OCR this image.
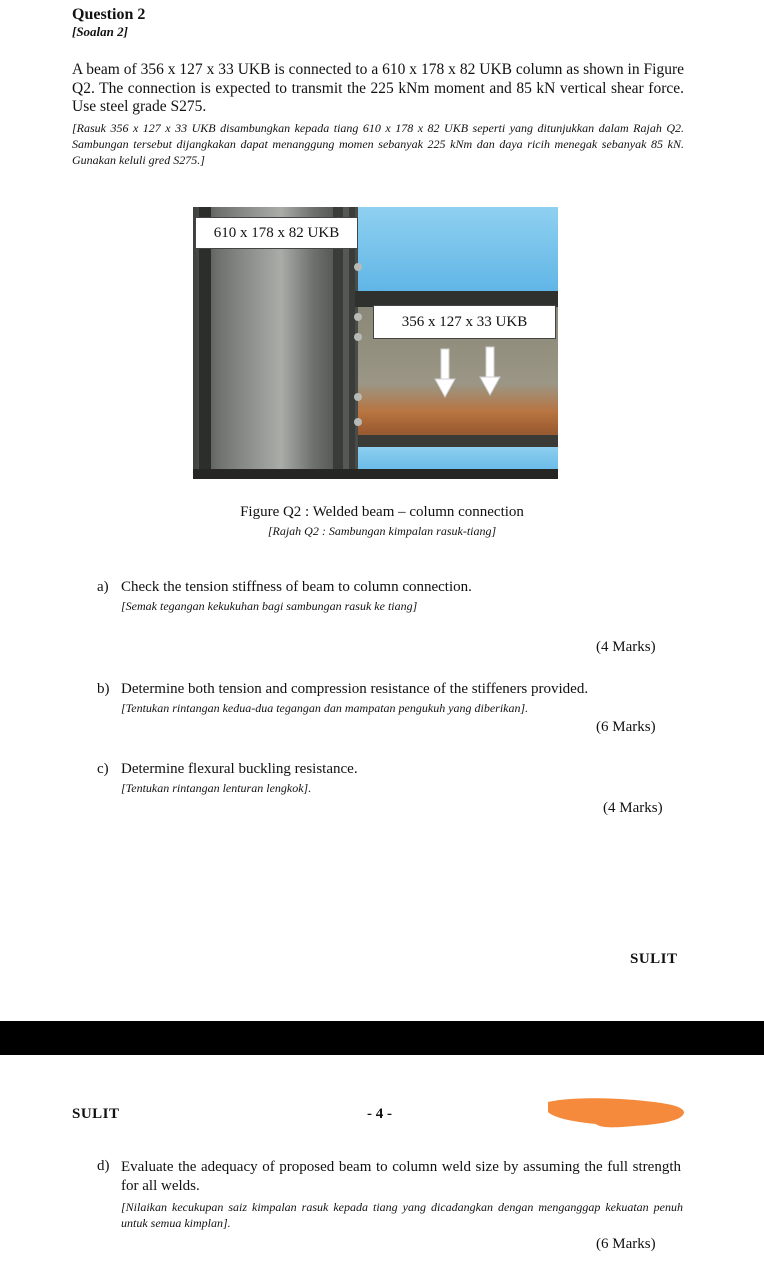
Question 2
[Soalan 2]
A beam of 356 x 127 x 33 UKB is connected to a 610 x 178 x 82 UKB column as shown in Figure Q2. The connection is expected to transmit the 225 kNm moment and 85 kN vertical shear force. Use steel grade S275.
[Rasuk 356 x 127 x 33 UKB disambungkan kepada tiang 610 x 178 x 82 UKB seperti yang ditunjukkan dalam Rajah Q2. Sambungan tersebut dijangkakan dapat menanggung momen sebanyak 225 kNm dan daya ricih menegak sebanyak 85 kN. Gunakan keluli gred S275.]
610 x 178 x 82 UKB
356 x 127 x 33 UKB
Figure Q2 : Welded beam – column connection
[Rajah Q2 : Sambungan kimpalan rasuk-tiang]
a) Check the tension stiffness of beam to column connection.
[Semak tegangan kekukuhan bagi sambungan rasuk ke tiang]
(4 Marks)
b) Determine both tension and compression resistance of the stiffeners provided.
[Tentukan rintangan kedua-dua tegangan dan mampatan pengukuh yang diberikan].
(6 Marks)
c) Determine flexural buckling resistance.
[Tentukan rintangan lenturan lengkok].
(4 Marks)
SULIT
SULIT	- 4 -
d) Evaluate the adequacy of proposed beam to column weld size by assuming the full strength for all welds.
[Nilaikan kecukupan saiz kimpalan rasuk kepada tiang yang dicadangkan dengan menganggap kekuatan penuh untuk semua kimplan].
(6 Marks)
